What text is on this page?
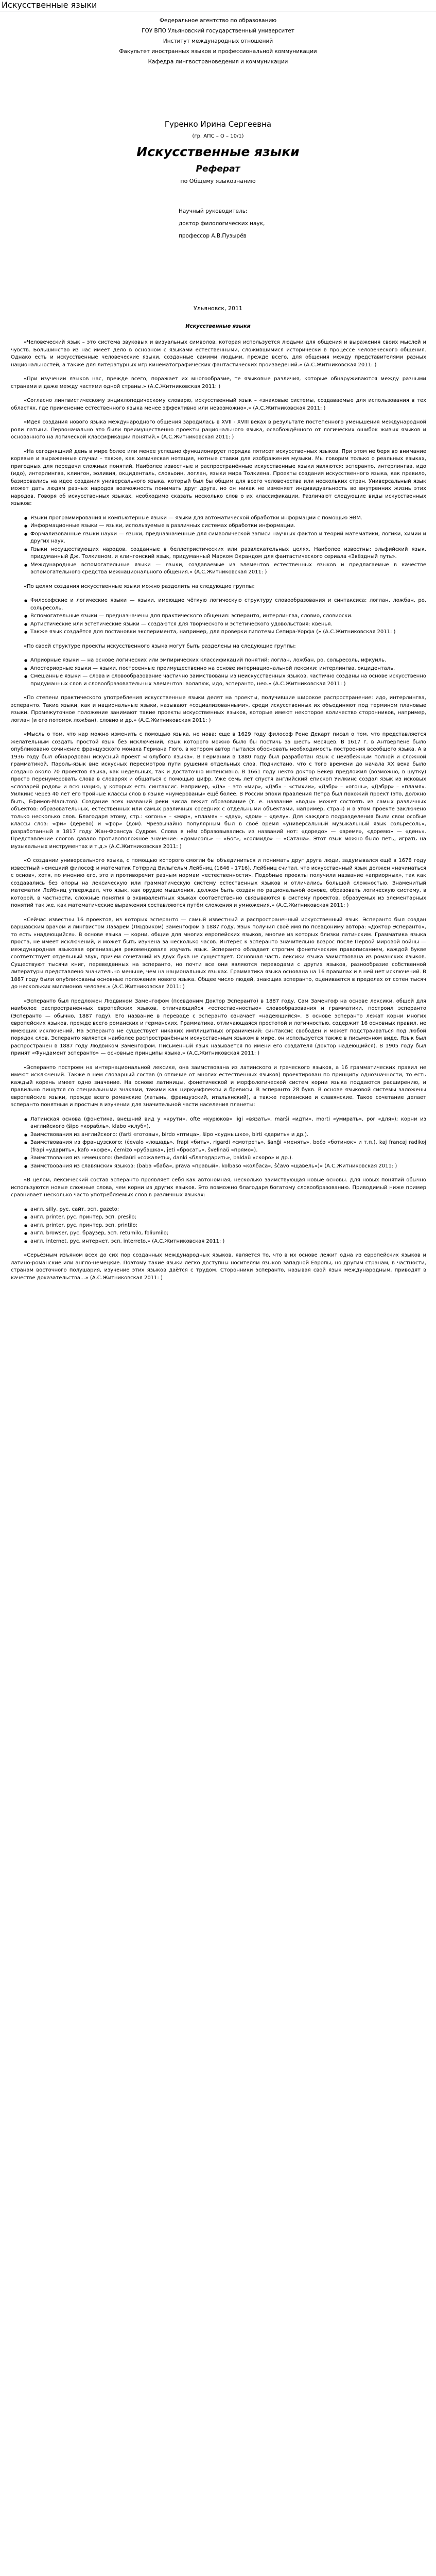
Искусственные языки
Федеральное агентство по образованию
ГОУ ВПО Ульяновский государственный университет
Институт международных отношений
Факультет иностранных языков и профессиональной коммуникации
Кафедра лингвострановедения и коммуникации
Гуренко Ирина Сергеевна
(гр. АПС – О – 10/1)
Искусственные языки
Реферат
по Общему языкознанию
Научный руководитель:
доктор филологических наук,
профессор А.В.Пузырёв
Ульяновск, 2011
Искусственные языки

«Человеческий язык – это система звуковых и визуальных символов, которая используется людьми для общения и выражения своих мыслей и чувств. Большинство из нас имеет дело в основном с языками естественными, сложившимися исторически в процессе человеческого общения. Однако есть и искусственные человеческие языки, созданные самими людьми, прежде всего, для общения между представителями разных национальностей, а также для литературных игр кинематографических фантастических произведений.» (А.С.Житниковская 2011: )

«При изучении языков нас, прежде всего, поражает их многообразие, те языковые различия, которые обнаруживаются между разными странами и даже между частями одной страны.» (А.С.Житниковская 2011: )

«Согласно лингвистическому энциклопедическому словарю, искусственный язык – «знаковые системы, создаваемые для использования в тех областях, где применение естественного языка менее эффективно или невозможно».» (А.С.Житниковская 2011: )

«Идея создания нового языка международного общения зародилась в XVII - XVIII веках в результате постепенного уменьшения международной роли латыни. Первоначально это были преимущественно проекты рационального языка, освобождённого от логических ошибок живых языков и основанного на логической классификации понятий.» (А.С.Житниковская 2011: )

«На сегодняшний день в мире более или менее успешно функционирует порядка пятисот искусственных языков. При этом не беря во внимание корявые и выраженные случаи – также, как химическая нотация, нотные ставки для изображения музыки. Мы говорим только о реальных языках, пригодных для передачи сложных понятий. Наиболее известные и распространённые искусственные языки являются: эсперанто, интерлингва, идо (идо), интерлингва, клингон, эоливия, окциденталь, словьоин, логлан, языки мира Толкиена. Проекты создания искусственного языка, как правило, базировались на идее создания универсального языка, который был бы общим для всего человечества или нескольких стран. Универсальный язык может дать людям разных народов возможность понимать друг друга, но он никак не изменяет индивидуальность во внутренних жизнь этих народов. Говоря об искусственных языках, необходимо сказать несколько слов о их классификации. Различают следующие виды искусственных языков:

● Языки программирования и компьютерные языки — языки для автоматической обработки информации с помощью ЭВМ.
● Информационные языки — языки, используемые в различных системах обработки информации.
● Формализованные языки науки — языки, предназначенные для символической записи научных фактов и теорий математики, логики, химии и других наук.
● Языки несуществующих народов, созданные в беллетристических или развлекательных целях. Наиболее известны: эльфийский язык, придуманный Дж. Толкиеном, и клингонский язык, придуманный Марком Окрандом для фантастического сериала «Звёздный путь».
● Международные вспомогательные языки — языки, создаваемые из элементов естественных языков и предлагаемые в качестве вспомогательного средства межнационального общения.» (А.С.Житниковская 2011: )

«По целям создания искусственные языки можно разделить на следующие группы:

● Философские и логические языки — языки, имеющие чёткую логическую структуру словообразования и синтаксиса: логлан, ложбан, ро, сольресоль.
● Вспомогательные языки — предназначены для практического общения: эсперанто, интерлингва, словио, словиоски.
● Артистические или эстетические языки — создаются для творческого и эстетического удовольствия: квенья.
● Также язык создаётся для постановки эксперимента, например, для проверки гипотезы Сепира-Уорфа (» (А.С.Житниковская 2011: )

«По своей структуре проекты искусственного языка могут быть разделены на следующие группы:

● Априорные языки — на основе логических или эмпирических классификаций понятий: логлан, ложбан, ро, сольресоль, ифкуиль.
● Апостериорные языки — языки, построенные преимущественно на основе интернациональной лексики: интерлингва, окциденталь.
● Смешанные языки — слова и словообразование частично заимствованы из неискусственных языков, частично созданы на основе искусственно придуманных слов и словообразовательных элементов: волапюк, идо, эсперанто, нео.» (А.С.Житниковская 2011: )

«По степени практического употребления искусственные языки делят на проекты, получившие широкое распространение: идо, интерлингва, эсперанто. Такие языки, как и национальные языки, называют «социализованными», среди искусственных их объединяют под термином плановые языки. Промежуточное положение занимают такие проекты искусственных языков, которые имеют некоторое количество сторонников, например, логлан (и его потомок ложбан), словио и др.» (А.С.Житниковская 2011: )

«Мысль о том, что нар можно изменить с помощью языка, не нова; еще в 1629 году философ Рене Декарт писал о том, что представляется желательным создать простой язык без исключений, язык которого можно было бы постичь за шесть месяцев. В 1617 г. в Антверпене было опубликовано сочинение французского монаха Германа Гюго, в котором автор пытался обосновать необходимость построения всеобщего языка. А в 1936 году был обнародован искусный проект «Голубого языка». В Германии в 1880 году был разработан язык с неизбежным полной и сложной грамматикой. Пароль-язык вне искусных пересмотров пути рушения отдельных слов. Подчистано, что с того времени до начала XX века было создано около 70 проектов языка, как недельных, так и достаточно интенсивно. В 1661 году некто доктор Бекер предложил (возможно, в шутку) просто перенумеровать слова в словарях и общаться с помощью цифр. Уже семь лет спустя английский епископ Уилкинс создал язык из исковых «словарей родов» и всю нацию, у которых есть синтаксис. Например, «Дэ» – это «мир», «Дэб» – «стихии», «Дэбр» – «огонь», «Дэбрр» – «пламя». Уилкинс через 40 лет его тройные классы слов в языке «нумерованы» ещё более. В России эпохи правления Петра был похожий проект (это, должно быть, Ефимов-Мальтов). Создание всех названий реки числа лежит образование (т. е. название «воды» может состоять из самых различных объектов: образовательных, естественных или самых различных соседних с отдельными объектами, например, стран) и в этом проекте заключено только несколько слов. Благодаря этому, стр.: «огонь» – «мар», «пламя» – «дау», «дом» – «делу». Для каждого подразделения были свои особые классы слов: «фи» (дерево) и «фор» (дом). Чрезвычайно популярным был в своё время «универсальный музыкальный язык сольресоль», разработанный в 1817 году Жан-Франсуа Судром. Слова в нём образовывались из названий нот: «доредо» — «время», «доремо» — «день». Представление слогов давало противоположное значение: «домисоль» — «Бог», «солмидо» — «Сатана». Этот язык можно было петь, играть на музыкальных инструментах и т.д.» (А.С.Житниковская 2011: )

«О создании универсального языка, с помощью которого смогли бы объединиться и понимать друг друга люди, задумывался ещё в 1678 году известный немецкий философ и математик Готфрид Вильгельм Лейбниц (1646 - 1716). Лейбниц считал, что искусственный язык должен «начинаться с основ», хотя, по мнению его, это и противоречит разным нормам «естественности». Подобные проекты получили название «априорных», так как создавались без опоры на лексическую или грамматическую систему естественных языков и отличались большой сложностью. Знаменитый математик Лейбниц утверждал, что язык, как орудие мышления, должен быть создан по рациональной основе, образовать логическую систему, в которой, в частности, сложные понятия в эквивалентных языках соответственно связываются в систему проектов, образуемых из элементарных понятий так же, как математические выражения составляются путём сложения и умножения.» (А.С.Житниковская 2011: )

«Сейчас известны 16 проектов, из которых эсперанто — самый известный и распространенный искусственный язык. Эсперанто был создан варшавским врачом и лингвистом Лазарем (Людвиком) Заменгофом в 1887 году. Язык получил своё имя по псевдониму автора: «Доктор Эсперанто», то есть «надеющийся». В основе языка — корни, общие для многих европейских языков, многие из которых близки латинским. Грамматика языка проста, не имеет исключений, и может быть изучена за несколько часов. Интерес к эсперанто значительно возрос после Первой мировой войны — международная языковая организация рекомендовала изучать язык. Эсперанто обладает строгим фонетическим правописанием, каждой букве соответствует отдельный звук, причем сочетаний из двух букв не существует. Основная часть лексики языка заимствована из романских языков. Существуют тысячи книг, переведенных на эсперанто, но почти все они являются переводами с других языков, разнообразие собственной литературы представлено значительно меньше, чем на национальных языках. Грамматика языка основана на 16 правилах и в ней нет исключений. В 1887 году были опубликованы основные положения нового языка. Общее число людей, знающих эсперанто, оценивается в пределах от сотен тысяч до нескольких миллионов человек.» (А.С.Житниковская 2011: )

«Эсперанто был предложен Людвиком Заменгофом (псевдоним Доктор Эсперанто) в 1887 году. Сам Заменгоф на основе лексики, общей для наиболее распространенных европейских языков, отличающийся «естественностью» словообразования и грамматики, построил эсперанто (Эсперанто — обычно, 1887 году). Его название в переводе с эсперанто означает «надеющийся». В основе эсперанто лежат корни многих европейских языков, прежде всего романских и германских. Грамматика, отличающаяся простотой и логичностью, содержит 16 основных правил, не имеющих исключений. На эсперанто не существует никаких имплицитных ограничений: синтаксис свободен и может подстраиваться под любой порядок слов. Эсперанто является наиболее распространённым искусственным языком в мире, он используется также в письменном виде. Язык был распространен в 1887 году Людвиком Заменгофом. Письменный язык называется по имени его создателя (доктор надеющийся). В 1905 году был принят «Фундамент эсперанто» — основные принципы языка.» (А.С.Житниковская 2011: )

«Эсперанто построен на интернациональной лексике, она заимствована из латинского и греческого языков, а 16 грамматических правил не имеют исключений. Также в нем словарный состав (в отличие от многих естественных языков) проектирован по принципу однозначности, то есть каждый корень имеет одно значение. На основе латиницы, фонетической и морфологической систем корни языка поддаются расширению, и правильно пишутся со специальными знаками, такими как циркумфлексы и бревисы. В эсперанто 28 букв. В основе языковой системы заложены европейские языки, прежде всего романские (латынь, французский, итальянский), а также германские и славянские. Такое сочетание делает эсперанто понятным и простым в изучении для значительной части населения планеты:

● Латинская основа (фонетика, внешний вид у «крути», ofte «курюков» ligi «вязать», marŝi «идти», morti «умирать», por «для»); корни из английского (ŝipo «корабль», klabo «клуб»).
● Заимствования из английского: (farti «готовы», birdo «птица», ŝipo «суднышко», birti «дарить» и др.).
● Заимствования из французского: (ĉevalo «лошадь», frapi «бить», rigardi «смотреть», ŝanĝi «менять», boĉo «ботинок» и т.п.), kaj francaj radikoj (frapi «ударить», kafo «кофе», ĉemizo «рубашка», ĵeti «бросать», ŝvelinaŭ «прямо»).
● Заимствования из немецкого: (bedaŭri «сожалеть», danki «благодарить», baldaŭ «скоро» и др.).
● Заимствования из славянских языков: (baba «баба», prava «правый», kolbaso «колбаса», ŝĉavo «щавель»)» (А.С.Житниковская 2011: )

«В целом, лексический состав эсперанто проявляет себя как автономная, несколько заимствующая новые основы. Для новых понятий обычно используются новые сложные слова, чем корни из других языков. Это возможно благодаря богатому словообразованию. Приводимый ниже пример сравнивает несколько часто употребляемых слов в различных языках:

● англ. silly, рус. сайт, эсп. gazeto;
● англ. printer, рус. принтер, эсп. presilo;
● англ. printer, рус. принтер, эсп. printilo;
● англ. browser, рус. браузер, эсп. retumilo, foliumilo;
● англ. internet, рус. интернет, эсп. interreto.» (А.С.Житниковская 2011: )

«Серьёзным изъяном всех до сих пор созданных международных языков, является то, что в их основе лежит одна из европейских языков и латино-романские или англо-немецкие. Поэтому такие языки легко доступны носителям языков западной Европы, но другим странам, в частности, странам восточного полушария, изучение этих языков даётся с трудом. Сторонники эсперанто, называя свой язык международным, приводят в качестве доказательства...» (А.С.Житниковская 2011: )
